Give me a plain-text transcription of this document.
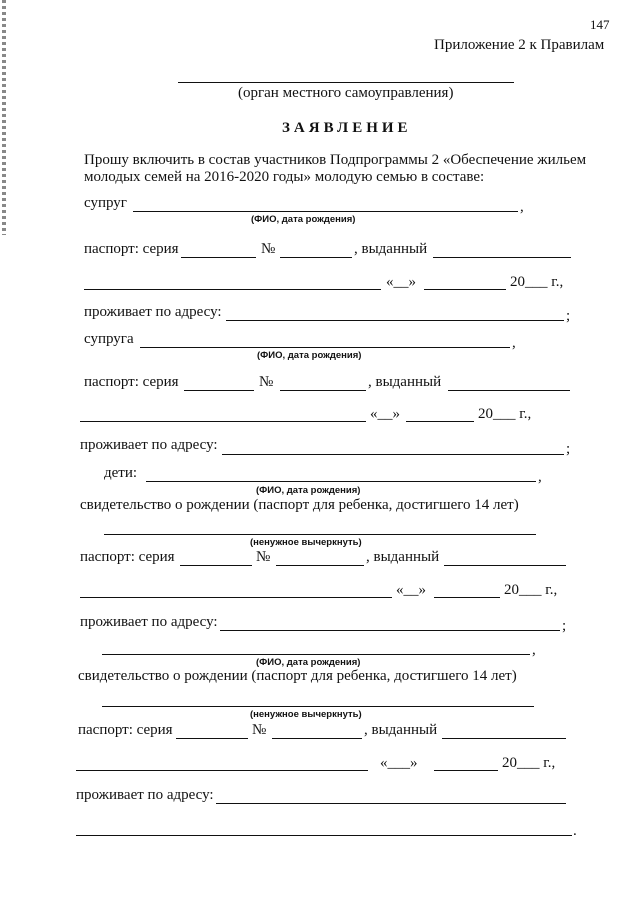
147
Приложение 2 к Правилам
(орган местного самоуправления)
ЗАЯВЛЕНИЕ
Прошу включить в состав участников Подпрограммы 2 «Обеспечение жильем
молодых семей на 2016-2020 годы» молодую семью в составе:
супруг	,
(ФИО, дата рождения)
паспорт: серия	№	, выданный
«__»	20___ г.,
проживает по адресу:	;
супруга	,
(ФИО, дата рождения)
паспорт: серия	№	, выданный
«__»	20___ г.,
проживает по адресу:	;
дети:	,
(ФИО, дата рождения)
свидетельство о рождении (паспорт для ребенка, достигшего 14 лет)
(ненужное вычеркнуть)
паспорт: серия	№	, выданный
«__»	20___ г.,
проживает по адресу:	;
,
(ФИО, дата рождения)
свидетельство о рождении (паспорт для ребенка, достигшего 14 лет)
(ненужное вычеркнуть)
паспорт: серия	№	, выданный
«___»	20___ г.,
проживает по адресу:
.
